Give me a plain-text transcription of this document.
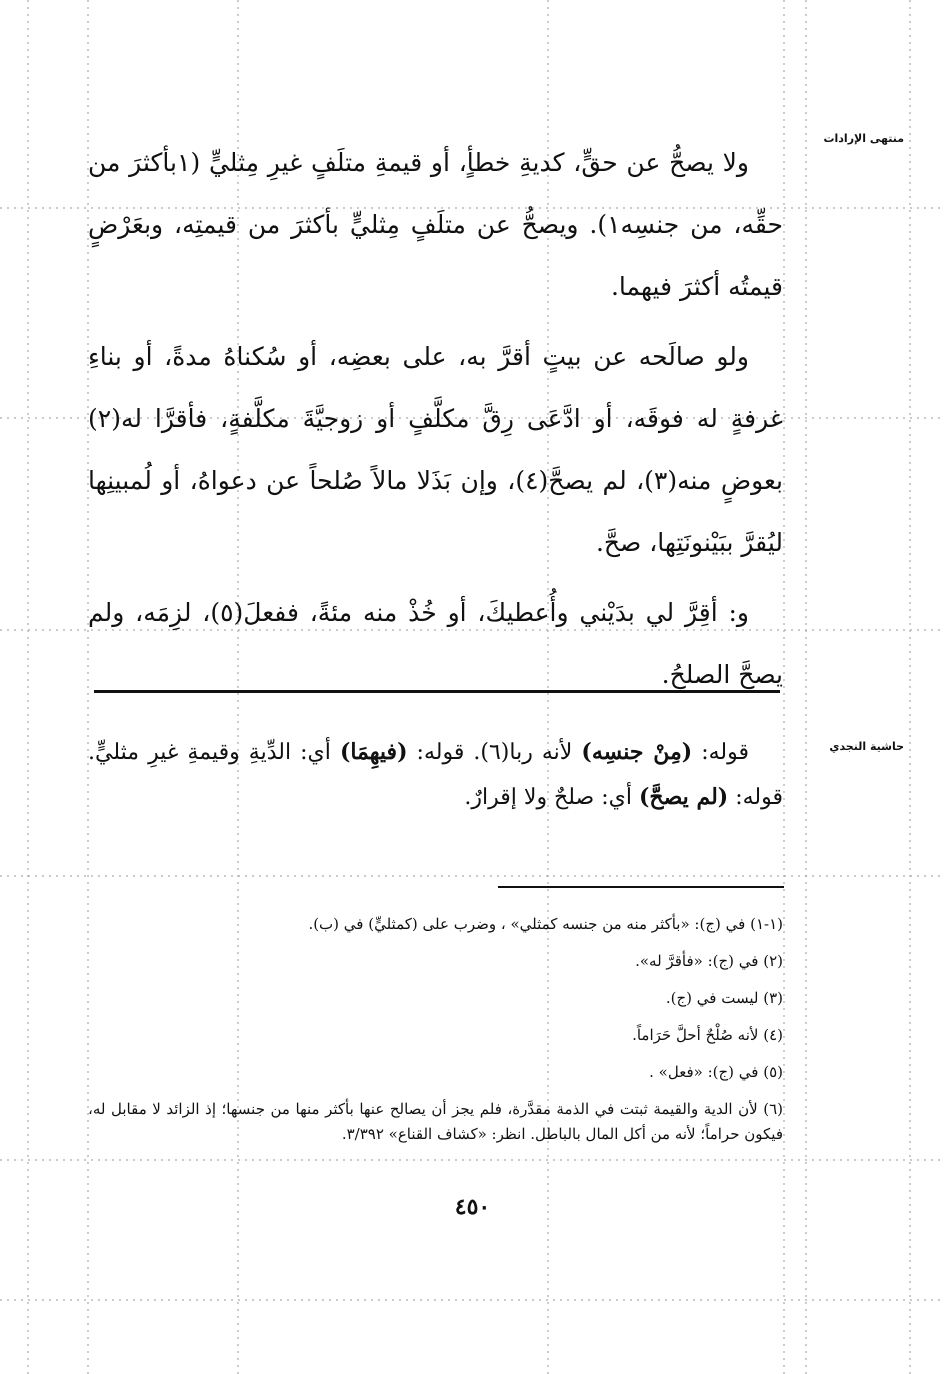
منتهى الإرادات
حاشية النجدي

ولا يصحُّ عن حقٍّ، كديةِ خطأٍ، أو قيمةِ متلَفٍ غيرِ مِثليٍّ (١بأكثرَ من حقِّه، من جنسِه١). ويصحُّ عن متلَفٍ مِثليٍّ بأكثرَ من قيمتِه، وبعَرْضٍ قيمتُه أكثرَ فيهما.

ولو صالَحه عن بيتٍ أقرَّ به، على بعضِه، أو سُكناهُ مدةً، أو بناءِ غرفةٍ له فوقَه، أو ادَّعَى رِقَّ مكلَّفٍ أو زوجيَّةَ مكلَّفةٍ، فأقرَّا له(٢) بعوضٍ منه(٣)، لم يصحَّ(٤)، وإن بَذَلا مالاً صُلحاً عن دعواهُ، أو لُمبينِها ليُقرَّ ببَيْنونَتِها، صحَّ.

و: أقِرَّ لي بدَيْني وأُعطيكَ، أو خُذْ منه مئةً، ففعلَ(٥)، لزِمَه، ولم يصحَّ الصلحُ.

قوله: (مِنْ جنسِه) لأنه ربا(٦). قوله: (فيهِمَا) أي: الدِّيةِ وقيمةِ غيرِ مثليٍّ. قوله: (لم يصحَّ) أي: صلحٌ ولا إقرارٌ.

(١-١) في (ج): «بأكثر منه من جنسه كمثلي» ، وضرب على (كمثليٍّ) في (ب).
(٢) في (ج): «فأقرَّ له».
(٣) ليست في (ج).
(٤) لأنه صُلْحٌ أحلَّ حَرَاماً.
(٥) في (ج): «فعل» .
(٦) لأن الدية والقيمة ثبتت في الذمة مقدَّرة، فلم يجز أن يصالح عنها بأكثر منها من جنسها؛ إذ الزائد لا مقابل له، فيكون حراماً؛ لأنه من أكل المال بالباطل. انظر: «كشاف القناع» ٣/٣٩٢.
٤٥٠
